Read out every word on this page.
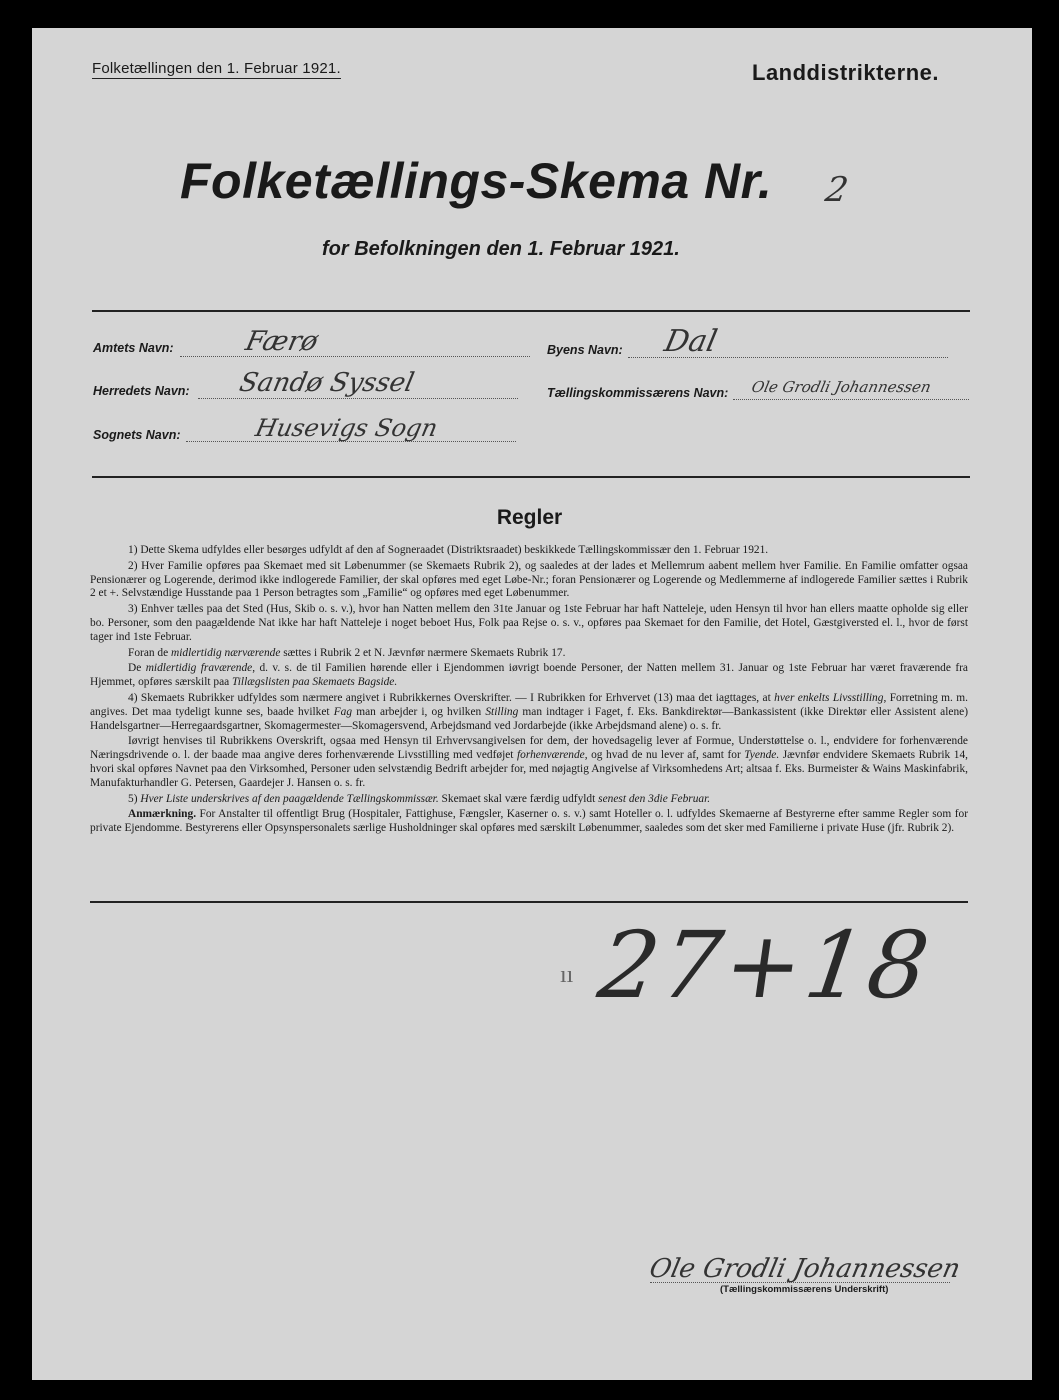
Folketællingen den 1. Februar 1921.	Landdistrikterne.
Folketællings-Skema Nr. 2
for Befolkningen den 1. Februar 1921.
Amtets Navn:	Færø	Byens Navn: Dal
Herredets Navn: Sandø Syssel	Tællingskommissærens Navn: Ole Grodli Johannessen
Sognets Navn:	Husevigs Sogn
Regler

1) Dette Skema udfyldes eller besørges udfyldt af den af Sogneraadet (Distriktsraadet) beskikkede Tællingskommissær den 1. Februar 1921.

2) Hver Familie opføres paa Skemaet med sit Løbenummer (se Skemaets Rubrik 2), og saaledes at der lades et Mellemrum aabent mellem hver Familie. En Familie omfatter ogsaa Pensionærer og Logerende, derimod ikke indlogerede Familier, der skal opføres med eget Løbe-Nr.; foran Pensionærer og Logerende og Medlemmerne af indlogerede Familier sættes i Rubrik 2 et +. Selvstændige Husstande paa 1 Person betragtes som „Familie“ og opføres med eget Løbenummer.

3) Enhver tælles paa det Sted (Hus, Skib o. s. v.), hvor han Natten mellem den 31te Januar og 1ste Februar har haft Natteleje, uden Hensyn til hvor han ellers maatte opholde sig eller bo. Personer, som den paagældende Nat ikke har haft Natteleje i noget beboet Hus, Folk paa Rejse o. s. v., opføres paa Skemaet for den Familie, det Hotel, Gæstgiversted el. l., hvor de først tager ind 1ste Februar.

Foran de midlertidig nærværende sættes i Rubrik 2 et N. Jævnfør nærmere Skemaets Rubrik 17.

De midlertidig fraværende, d. v. s. de til Familien hørende eller i Ejendommen iøvrigt boende Personer, der Natten mellem 31. Januar og 1ste Februar har været fraværende fra Hjemmet, opføres særskilt paa Tillægslisten paa Skemaets Bagside.

4) Skemaets Rubrikker udfyldes som nærmere angivet i Rubrikkernes Overskrifter. — I Rubrikken for Erhvervet (13) maa det iagttages, at hver enkelts Livsstilling, Forretning m. m. angives. Det maa tydeligt kunne ses, baade hvilket Fag man arbejder i, og hvilken Stilling man indtager i Faget, f. Eks. Bankdirektør—Bankassistent (ikke Direktør eller Assistent alene) Handelsgartner—Herregaardsgartner, Skomagermester—Skomagersvend, Arbejdsmand ved Jordarbejde (ikke Arbejdsmand alene) o. s. fr.

Iøvrigt henvises til Rubrikkens Overskrift, ogsaa med Hensyn til Erhvervsangivelsen for dem, der hovedsagelig lever af Formue, Understøttelse o. l., endvidere for forhenværende Næringsdrivende o. l. der baade maa angive deres forhenværende Livsstilling med vedføjet forhenværende, og hvad de nu lever af, samt for Tyende. Jævnfør endvidere Skemaets Rubrik 14, hvori skal opføres Navnet paa den Virksomhed, Personer uden selvstændig Bedrift arbejder for, med nøjagtig Angivelse af Virksomhedens Art; altsaa f. Eks. Burmeister & Wains Maskinfabrik, Manufakturhandler G. Petersen, Gaardejer J. Hansen o. s. fr.

5) Hver Liste underskrives af den paagældende Tællingskommissær. Skemaet skal være færdig udfyldt senest den 3die Februar.

Anmærkning. For Anstalter til offentligt Brug (Hospitaler, Fattighuse, Fængsler, Kaserner o. s. v.) samt Hoteller o. l. udfyldes Skemaerne af Bestyrerne efter samme Regler som for private Ejendomme. Bestyrerens eller Opsynspersonalets særlige Husholdninger skal opføres med særskilt Løbenummer, saaledes som det sker med Familierne i private Huse (jfr. Rubrik 2).

ıı 27+18
Ole Grodli Johannessen
(Tællingskommissærens Underskrift)
